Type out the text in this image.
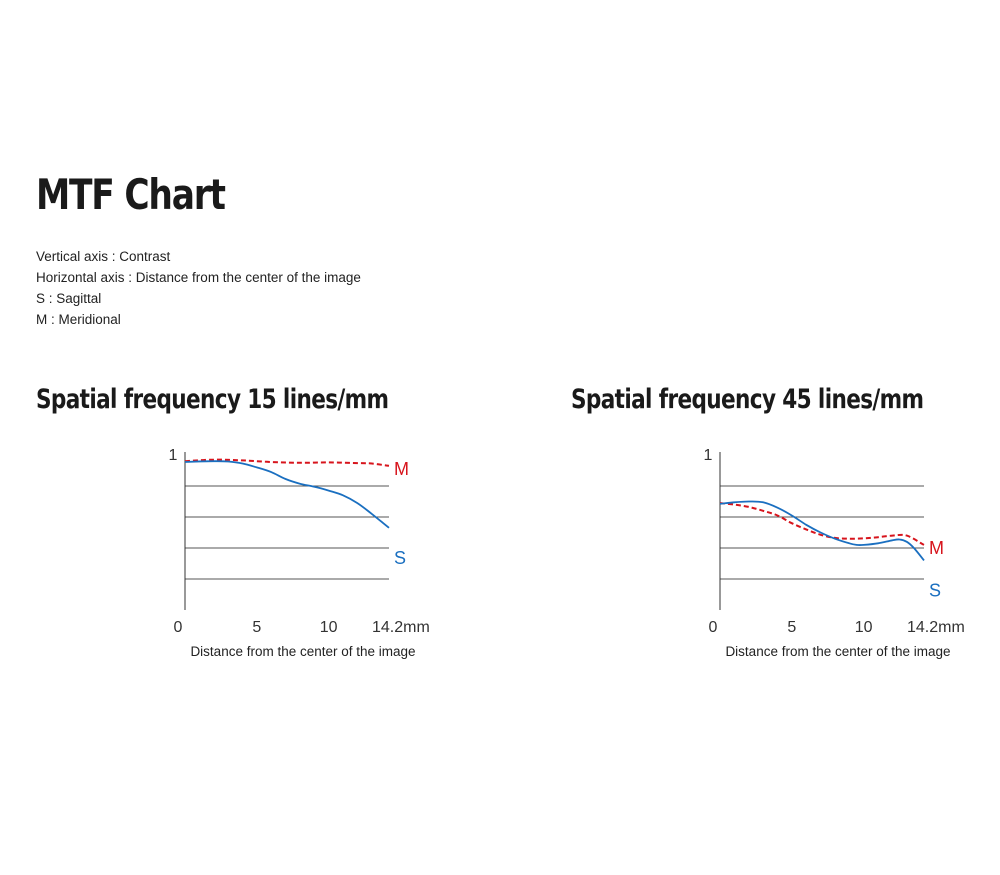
MTF Chart
Vertical axis : Contrast
Horizontal axis : Distance from the center of the image
S : Sagittal
M : Meridional
Spatial frequency 15 lines/mm	Spatial frequency 45 lines/mm
1
0	5	10 14.2mm
Distance from the center of the image
M
S
1
0	5	10 14.2mm
Distance from the center of the image
M
S
